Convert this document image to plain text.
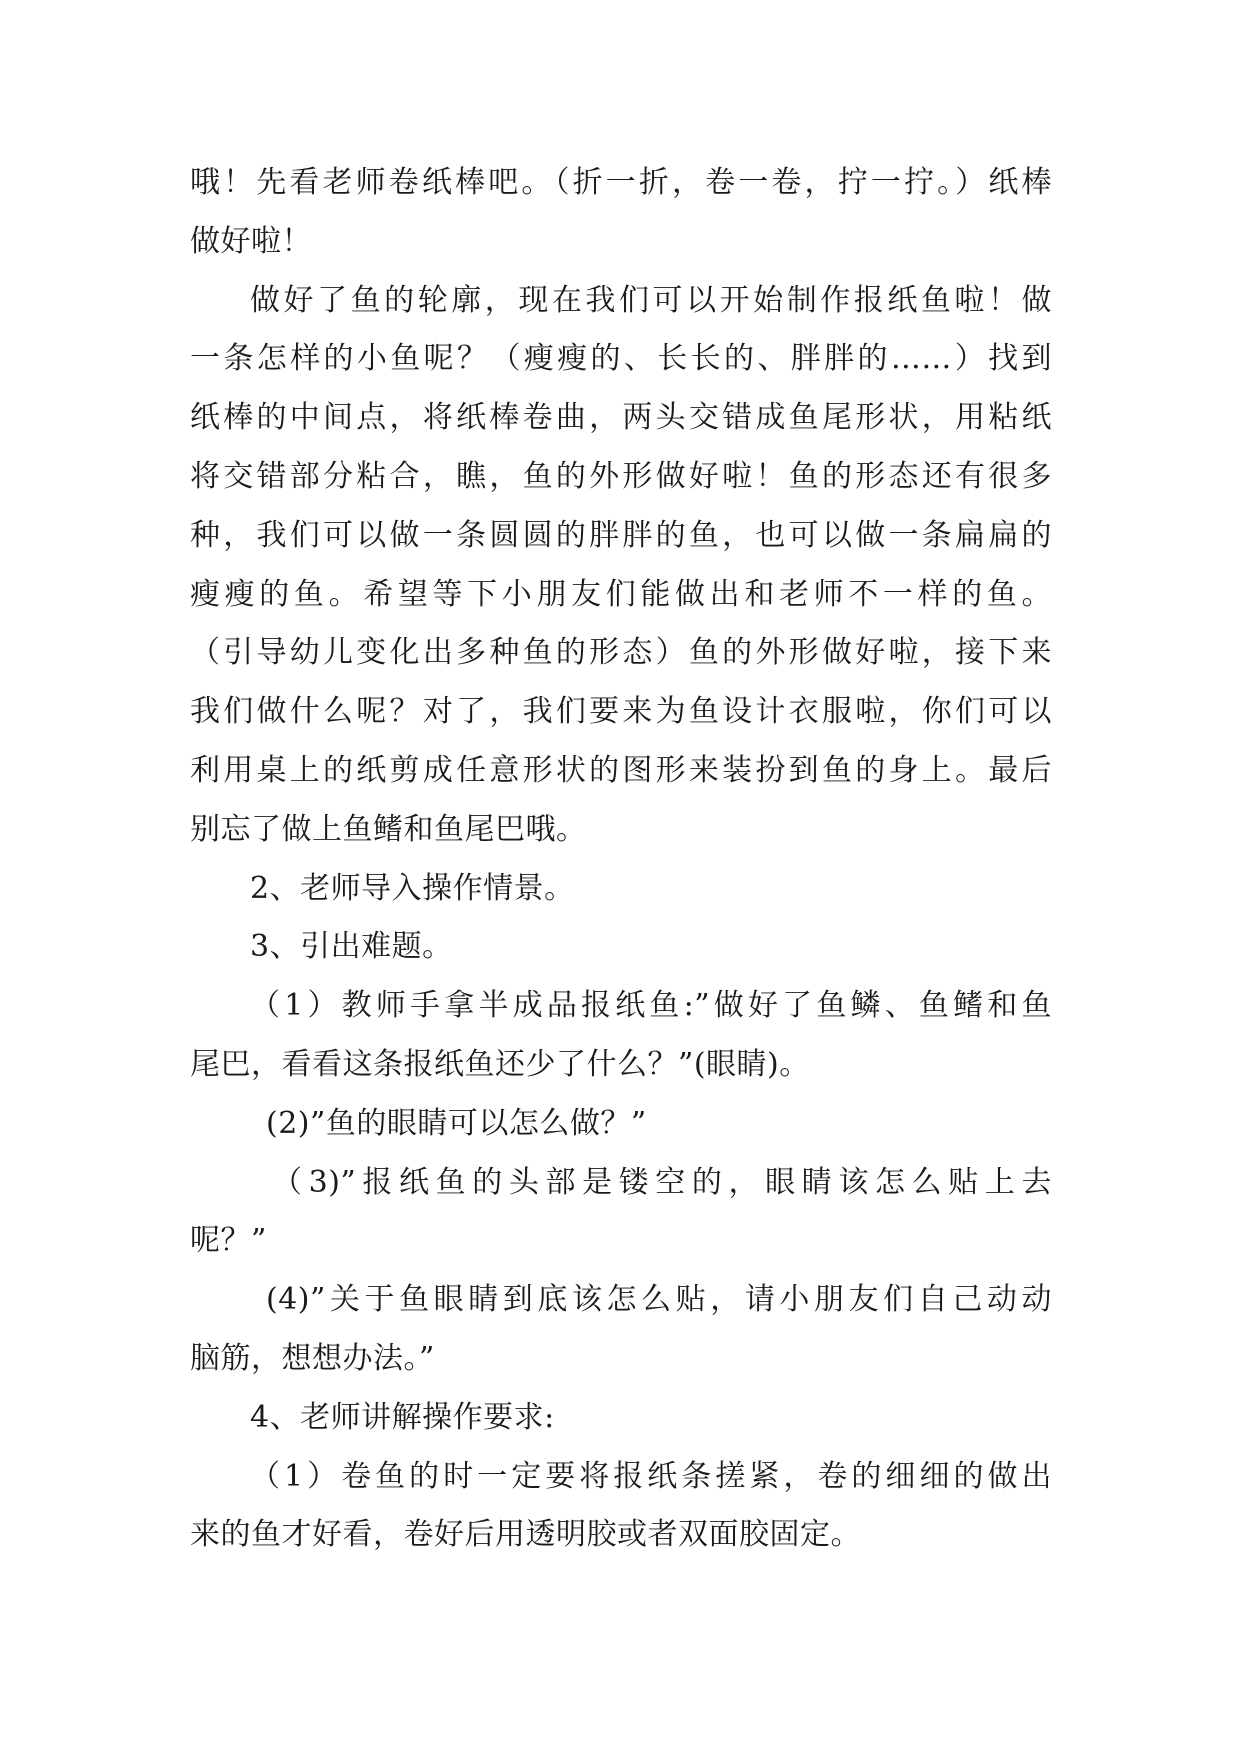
哦！先看老师卷纸棒吧。（折一折，卷一卷，拧一拧。）纸棒
做好啦！
做好了鱼的轮廓，现在我们可以开始制作报纸鱼啦！做
一条怎样的小鱼呢？（瘦瘦的、长长的、胖胖的……）找到
纸棒的中间点，将纸棒卷曲，两头交错成鱼尾形状，用粘纸
将交错部分粘合，瞧，鱼的外形做好啦！鱼的形态还有很多
种，我们可以做一条圆圆的胖胖的鱼，也可以做一条扁扁的
瘦瘦的鱼。希望等下小朋友们能做出和老师不一样的鱼。
（引导幼儿变化出多种鱼的形态）鱼的外形做好啦，接下来
我们做什么呢？对了，我们要来为鱼设计衣服啦，你们可以
利用桌上的纸剪成任意形状的图形来装扮到鱼的身上。最后
别忘了做上鱼鳍和鱼尾巴哦。
2、老师导入操作情景。
3、引出难题。
（1）教师手拿半成品报纸鱼:”做好了鱼鳞、鱼鳍和鱼
尾巴，看看这条报纸鱼还少了什么？”(眼睛)。
(2)”鱼的眼睛可以怎么做？”
（3)”报纸鱼的头部是镂空的，眼睛该怎么贴上去
呢？”
(4)”关于鱼眼睛到底该怎么贴，请小朋友们自己动动
脑筋，想想办法。”
4、老师讲解操作要求:
（1）卷鱼的时一定要将报纸条搓紧，卷的细细的做出
来的鱼才好看，卷好后用透明胶或者双面胶固定。
